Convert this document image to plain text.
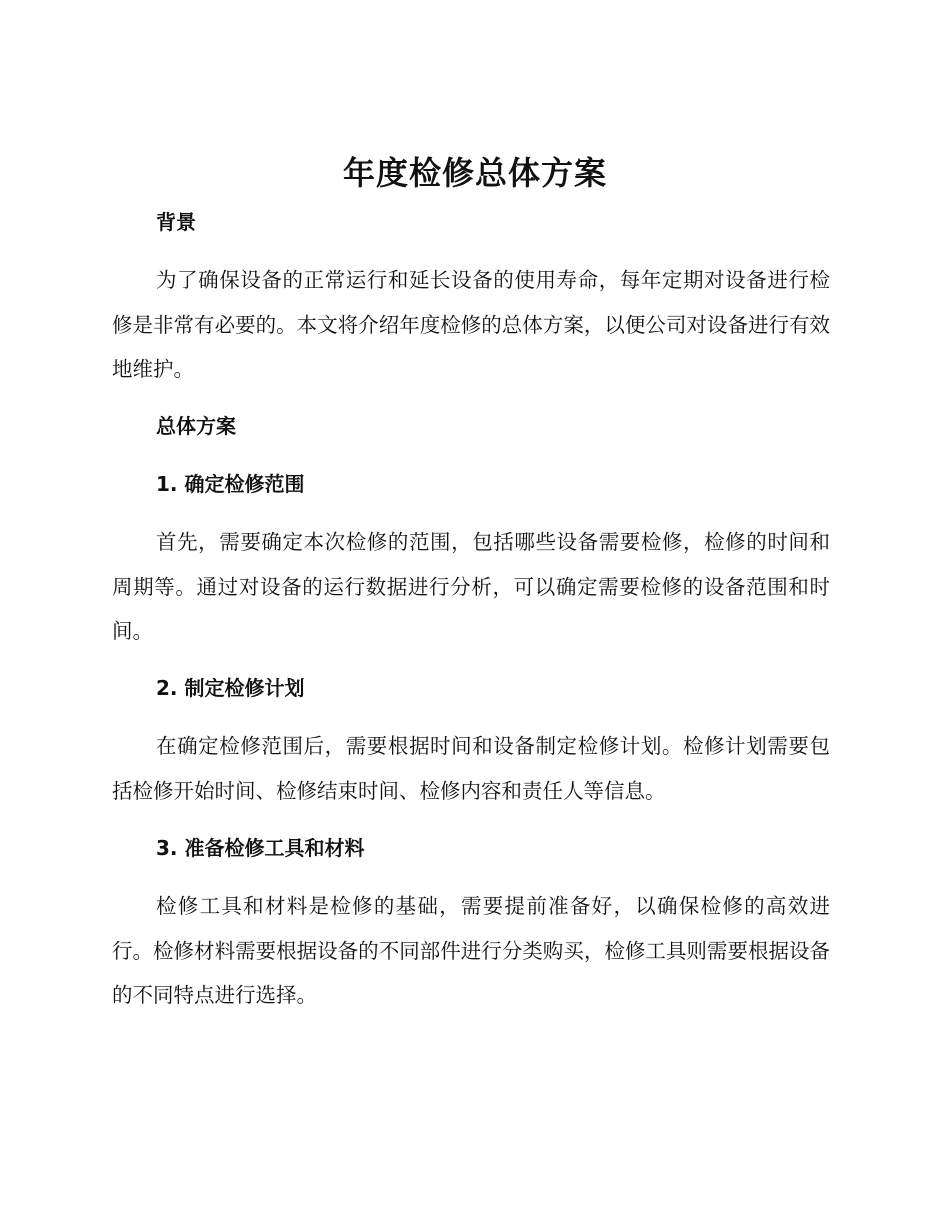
年度检修总体方案
背景

为了确保设备的正常运行和延长设备的使用寿命，每年定期对设备进行检修是非常有必要的。本文将介绍年度检修的总体方案，以便公司对设备进行有效地维护。

总体方案
1. 确定检修范围

首先，需要确定本次检修的范围，包括哪些设备需要检修，检修的时间和周期等。通过对设备的运行数据进行分析，可以确定需要检修的设备范围和时间。

2. 制定检修计划

在确定检修范围后，需要根据时间和设备制定检修计划。检修计划需要包括检修开始时间、检修结束时间、检修内容和责任人等信息。

3. 准备检修工具和材料

检修工具和材料是检修的基础，需要提前准备好，以确保检修的高效进行。检修材料需要根据设备的不同部件进行分类购买，检修工具则需要根据设备的不同特点进行选择。
